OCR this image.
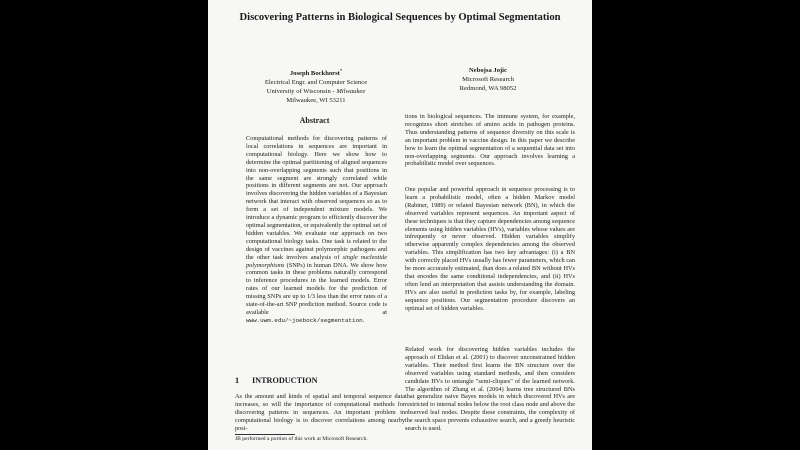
Discovering Patterns in Biological Sequences by Optimal Segmentation
Joseph Bockhorst*
Electrical Engr. and Computer Science
University of Wisconsin - Milwaukee
Milwaukee, WI 53211
Nebojsa Jojic
Microsoft Research
Redmond, WA 98052
Abstract
Computational methods for discovering patterns of local correlations in sequences are important in computational biology. Here we show how to determine the optimal partitioning of aligned sequences into non-overlapping segments such that positions in the same segment are strongly correlated while positions in different segments are not. Our approach involves discovering the hidden variables of a Bayesian network that interact with observed sequences so as to form a set of independent mixture models. We introduce a dynamic program to efficiently discover the optimal segmentation, or equivalently the optimal set of hidden variables. We evaluate our approach on two computational biology tasks. One task is related to the design of vaccines against polymorphic pathogens and the other task involves analysis of single nucleotide polymorphisms (SNPs) in human DNA. We show how common tasks in these problems naturally correspond to inference procedures in the learned models. Error rates of our learned models for the prediction of missing SNPs are up to 1/3 less than the error rates of a state-of-the-art SNP prediction method. Source code is available at www.uwm.edu/~joebock/segmentation.
1 INTRODUCTION
As the amount and kinds of spatial and temporal sequence data increases, so will the importance of computational methods for discovering patterns in sequences. An important problem in computational biology is to discover correlations among nearby posi-
JB performed a portion of this work at Microsoft Research.
tions in biological sequences. The immune system, for example, recognizes short stretches of amino acids in pathogen proteins. Thus understanding patterns of sequence diversity on this scale is an important problem in vaccine design. In this paper we describe how to learn the optimal segmentation of a sequential data set into non-overlapping segments. Our approach involves learning a probabilistic model over sequences.
One popular and powerful approach in sequence processing is to learn a probabilistic model, often a hidden Markov model (Rabiner, 1989) or related Bayesian network (BN), in which the observed variables represent sequences. An important aspect of these techniques is that they capture dependencies among sequence elements using hidden variables (HVs), variables whose values are infrequently or never observed. Hidden variables simplify otherwise apparently complex dependencies among the observed variables. This simplification has two key advantages: (i) a BN with correctly placed HVs usually has fewer parameters, which can be more accurately estimated, than does a related BN without HVs that encodes the same conditional independencies, and (ii) HVs often lend an interpretation that assists understanding the domain. HVs are also useful in prediction tasks by, for example, labeling sequence positions. Our segmentation procedure discovers an optimal set of hidden variables.
Related work for discovering hidden variables includes the approach of Elidan et al. (2001) to discover unconstrained hidden variables. Their method first learns the BN structure over the observed variables using standard methods, and then considers candidate HVs to untangle "semi-cliques" of the learned network. The algorithm of Zhang et al. (2004) learns tree structured BNs that generalize naive Bayes models in which discovered HVs are restricted to internal nodes below the root class node and above the observed leaf nodes. Despite these constraints, the complexity of the search space prevents exhaustive search, and a greedy heuristic search is used.
